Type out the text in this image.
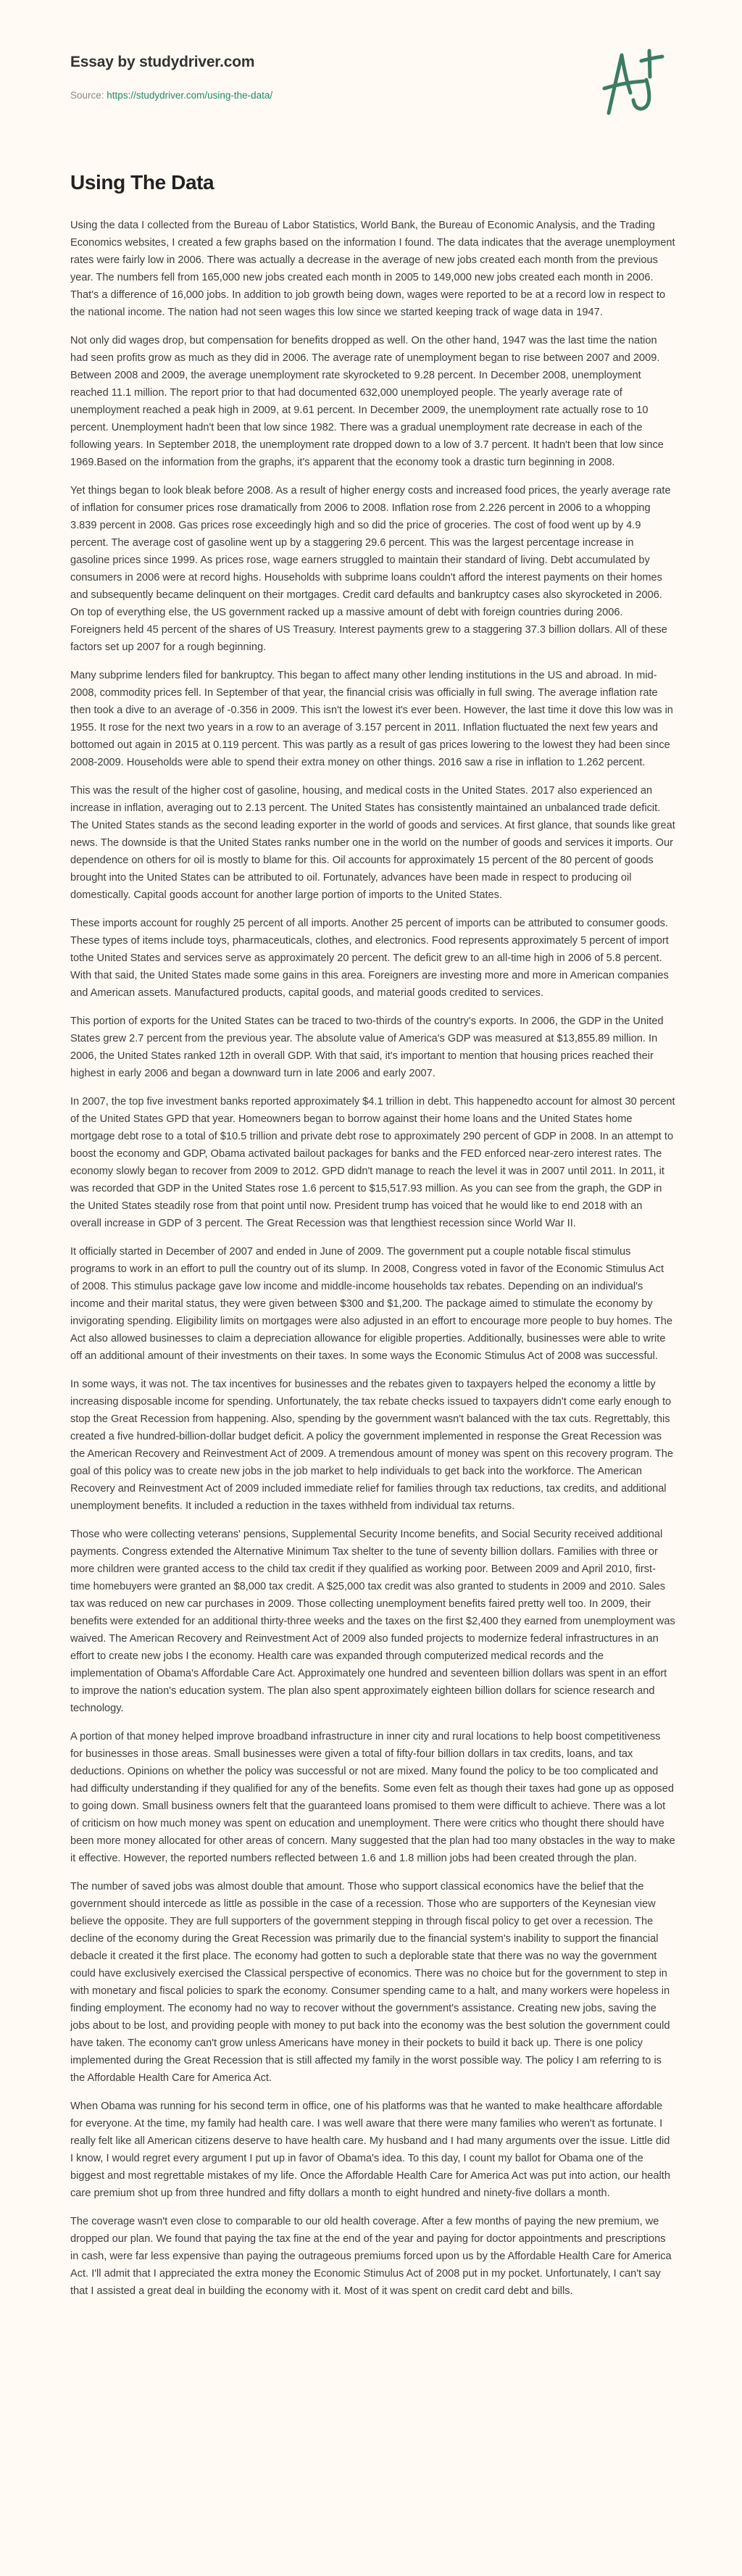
Essay by studydriver.com
Source: https://studydriver.com/using-the-data/
Using The Data

Using the data I collected from the Bureau of Labor Statistics, World Bank, the Bureau of Economic Analysis, and the Trading Economics websites, I created a few graphs based on the information I found. The data indicates that the average unemployment rates were fairly low in 2006. There was actually a decrease in the average of new jobs created each month from the previous year. The numbers fell from 165,000 new jobs created each month in 2005 to 149,000 new jobs created each month in 2006. That's a difference of 16,000 jobs. In addition to job growth being down, wages were reported to be at a record low in respect to the national income. The nation had not seen wages this low since we started keeping track of wage data in 1947.

Not only did wages drop, but compensation for benefits dropped as well. On the other hand, 1947 was the last time the nation had seen profits grow as much as they did in 2006. The average rate of unemployment began to rise between 2007 and 2009. Between 2008 and 2009, the average unemployment rate skyrocketed to 9.28 percent. In December 2008, unemployment reached 11.1 million. The report prior to that had documented 632,000 unemployed people. The yearly average rate of unemployment reached a peak high in 2009, at 9.61 percent. In December 2009, the unemployment rate actually rose to 10 percent. Unemployment hadn't been that low since 1982. There was a gradual unemployment rate decrease in each of the following years. In September 2018, the unemployment rate dropped down to a low of 3.7 percent. It hadn't been that low since 1969.Based on the information from the graphs, it's apparent that the economy took a drastic turn beginning in 2008.

Yet things began to look bleak before 2008. As a result of higher energy costs and increased food prices, the yearly average rate of inflation for consumer prices rose dramatically from 2006 to 2008. Inflation rose from 2.226 percent in 2006 to a whopping 3.839 percent in 2008. Gas prices rose exceedingly high and so did the price of groceries. The cost of food went up by 4.9 percent. The average cost of gasoline went up by a staggering 29.6 percent. This was the largest percentage increase in gasoline prices since 1999. As prices rose, wage earners struggled to maintain their standard of living. Debt accumulated by consumers in 2006 were at record highs. Households with subprime loans couldn't afford the interest payments on their homes and subsequently became delinquent on their mortgages. Credit card defaults and bankruptcy cases also skyrocketed in 2006. On top of everything else, the US government racked up a massive amount of debt with foreign countries during 2006. Foreigners held 45 percent of the shares of US Treasury. Interest payments grew to a staggering 37.3 billion dollars. All of these factors set up 2007 for a rough beginning.

Many subprime lenders filed for bankruptcy. This began to affect many other lending institutions in the US and abroad. In mid-2008, commodity prices fell. In September of that year, the financial crisis was officially in full swing. The average inflation rate then took a dive to an average of -0.356 in 2009. This isn't the lowest it's ever been. However, the last time it dove this low was in 1955. It rose for the next two years in a row to an average of 3.157 percent in 2011. Inflation fluctuated the next few years and bottomed out again in 2015 at 0.119 percent. This was partly as a result of gas prices lowering to the lowest they had been since 2008-2009. Households were able to spend their extra money on other things. 2016 saw a rise in inflation to 1.262 percent.

This was the result of the higher cost of gasoline, housing, and medical costs in the United States. 2017 also experienced an increase in inflation, averaging out to 2.13 percent. The United States has consistently maintained an unbalanced trade deficit. The United States stands as the second leading exporter in the world of goods and services. At first glance, that sounds like great news. The downside is that the United States ranks number one in the world on the number of goods and services it imports. Our dependence on others for oil is mostly to blame for this. Oil accounts for approximately 15 percent of the 80 percent of goods brought into the United States can be attributed to oil. Fortunately, advances have been made in respect to producing oil domestically. Capital goods account for another large portion of imports to the United States.

These imports account for roughly 25 percent of all imports. Another 25 percent of imports can be attributed to consumer goods. These types of items include toys, pharmaceuticals, clothes, and electronics. Food represents approximately 5 percent of import tothe United States and services serve as approximately 20 percent. The deficit grew to an all-time high in 2006 of 5.8 percent. With that said, the United States made some gains in this area. Foreigners are investing more and more in American companies and American assets. Manufactured products, capital goods, and material goods credited to services.

This portion of exports for the United States can be traced to two-thirds of the country's exports. In 2006, the GDP in the United States grew 2.7 percent from the previous year. The absolute value of America's GDP was measured at $13,855.89 million. In 2006, the United States ranked 12th in overall GDP. With that said, it's important to mention that housing prices reached their highest in early 2006 and began a downward turn in late 2006 and early 2007.

In 2007, the top five investment banks reported approximately $4.1 trillion in debt. This happenedto account for almost 30 percent of the United States GPD that year. Homeowners began to borrow against their home loans and the United States home mortgage debt rose to a total of $10.5 trillion and private debt rose to approximately 290 percent of GDP in 2008. In an attempt to boost the economy and GDP, Obama activated bailout packages for banks and the FED enforced near-zero interest rates. The economy slowly began to recover from 2009 to 2012. GPD didn't manage to reach the level it was in 2007 until 2011. In 2011, it was recorded that GDP in the United States rose 1.6 percent to $15,517.93 million. As you can see from the graph, the GDP in the United States steadily rose from that point until now. President trump has voiced that he would like to end 2018 with an overall increase in GDP of 3 percent. The Great Recession was that lengthiest recession since World War II.

It officially started in December of 2007 and ended in June of 2009. The government put a couple notable fiscal stimulus programs to work in an effort to pull the country out of its slump. In 2008, Congress voted in favor of the Economic Stimulus Act of 2008. This stimulus package gave low income and middle-income households tax rebates. Depending on an individual's income and their marital status, they were given between $300 and $1,200. The package aimed to stimulate the economy by invigorating spending. Eligibility limits on mortgages were also adjusted in an effort to encourage more people to buy homes. The Act also allowed businesses to claim a depreciation allowance for eligible properties. Additionally, businesses were able to write off an additional amount of their investments on their taxes. In some ways the Economic Stimulus Act of 2008 was successful.

In some ways, it was not. The tax incentives for businesses and the rebates given to taxpayers helped the economy a little by increasing disposable income for spending. Unfortunately, the tax rebate checks issued to taxpayers didn't come early enough to stop the Great Recession from happening. Also, spending by the government wasn't balanced with the tax cuts. Regrettably, this created a five hundred-billion-dollar budget deficit. A policy the government implemented in response the Great Recession was the American Recovery and Reinvestment Act of 2009. A tremendous amount of money was spent on this recovery program. The goal of this policy was to create new jobs in the job market to help individuals to get back into the workforce. The American Recovery and Reinvestment Act of 2009 included immediate relief for families through tax reductions, tax credits, and additional unemployment benefits. It included a reduction in the taxes withheld from individual tax returns.

Those who were collecting veterans' pensions, Supplemental Security Income benefits, and Social Security received additional payments. Congress extended the Alternative Minimum Tax shelter to the tune of seventy billion dollars. Families with three or more children were granted access to the child tax credit if they qualified as working poor. Between 2009 and April 2010, first-time homebuyers were granted an $8,000 tax credit. A $25,000 tax credit was also granted to students in 2009 and 2010. Sales tax was reduced on new car purchases in 2009. Those collecting unemployment benefits faired pretty well too. In 2009, their benefits were extended for an additional thirty-three weeks and the taxes on the first $2,400 they earned from unemployment was waived. The American Recovery and Reinvestment Act of 2009 also funded projects to modernize federal infrastructures in an effort to create new jobs I the economy. Health care was expanded through computerized medical records and the implementation of Obama's Affordable Care Act. Approximately one hundred and seventeen billion dollars was spent in an effort to improve the nation's education system. The plan also spent approximately eighteen billion dollars for science research and technology.

A portion of that money helped improve broadband infrastructure in inner city and rural locations to help boost competitiveness for businesses in those areas. Small businesses were given a total of fifty-four billion dollars in tax credits, loans, and tax deductions. Opinions on whether the policy was successful or not are mixed. Many found the policy to be too complicated and had difficulty understanding if they qualified for any of the benefits. Some even felt as though their taxes had gone up as opposed to going down. Small business owners felt that the guaranteed loans promised to them were difficult to achieve. There was a lot of criticism on how much money was spent on education and unemployment. There were critics who thought there should have been more money allocated for other areas of concern. Many suggested that the plan had too many obstacles in the way to make it effective. However, the reported numbers reflected between 1.6 and 1.8 million jobs had been created through the plan.

The number of saved jobs was almost double that amount. Those who support classical economics have the belief that the government should intercede as little as possible in the case of a recession. Those who are supporters of the Keynesian view believe the opposite. They are full supporters of the government stepping in through fiscal policy to get over a recession. The decline of the economy during the Great Recession was primarily due to the financial system's inability to support the financial debacle it created it the first place. The economy had gotten to such a deplorable state that there was no way the government could have exclusively exercised the Classical perspective of economics. There was no choice but for the government to step in with monetary and fiscal policies to spark the economy. Consumer spending came to a halt, and many workers were hopeless in finding employment. The economy had no way to recover without the government's assistance. Creating new jobs, saving the jobs about to be lost, and providing people with money to put back into the economy was the best solution the government could have taken. The economy can't grow unless Americans have money in their pockets to build it back up. There is one policy implemented during the Great Recession that is still affected my family in the worst possible way. The policy I am referring to is the Affordable Health Care for America Act.

When Obama was running for his second term in office, one of his platforms was that he wanted to make healthcare affordable for everyone. At the time, my family had health care. I was well aware that there were many families who weren't as fortunate. I really felt like all American citizens deserve to have health care. My husband and I had many arguments over the issue. Little did I know, I would regret every argument I put up in favor of Obama's idea. To this day, I count my ballot for Obama one of the biggest and most regrettable mistakes of my life. Once the Affordable Health Care for America Act was put into action, our health care premium shot up from three hundred and fifty dollars a month to eight hundred and ninety-five dollars a month.

The coverage wasn't even close to comparable to our old health coverage. After a few months of paying the new premium, we dropped our plan. We found that paying the tax fine at the end of the year and paying for doctor appointments and prescriptions in cash, were far less expensive than paying the outrageous premiums forced upon us by the Affordable Health Care for America Act. I'll admit that I appreciated the extra money the Economic Stimulus Act of 2008 put in my pocket. Unfortunately, I can't say that I assisted a great deal in building the economy with it. Most of it was spent on credit card debt and bills.
